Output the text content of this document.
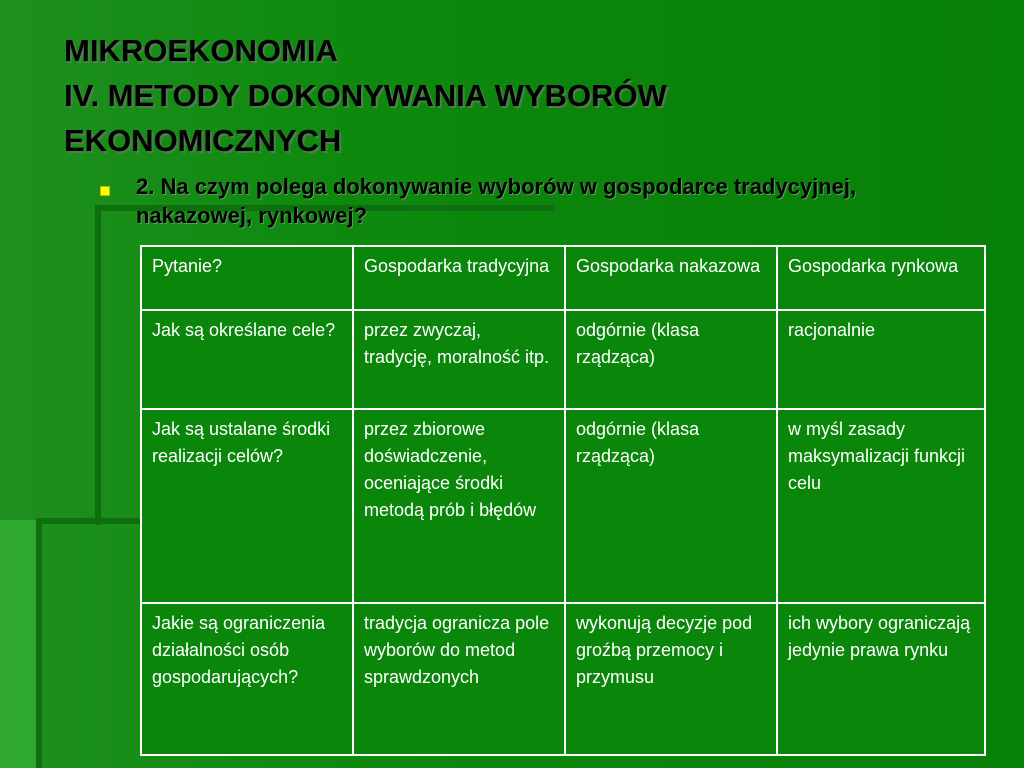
MIKROEKONOMIA
IV. METODY DOKONYWANIA WYBORÓW
EKONOMICZNYCH
2. Na czym polega dokonywanie wyborów w gospodarce tradycyjnej, nakazowej, rynkowej?
Pytanie?	Gospodarka tradycyjna	Gospodarka nakazowa	Gospodarka rynkowa
Jak są określane cele?	przez zwyczaj, tradycję, moralność itp.	odgórnie (klasa rządząca)	racjonalnie
Jak są ustalane środki realizacji celów?	przez zbiorowe doświadczenie, oceniające środki metodą prób i błędów	odgórnie (klasa rządząca)	w myśl zasady maksymalizacji funkcji celu
Jakie są ograniczenia działalności osób gospodarujących?	tradycja ogranicza pole wyborów do metod sprawdzonych	wykonują decyzje pod groźbą przemocy i przymusu	ich wybory ograniczają jedynie prawa rynku
